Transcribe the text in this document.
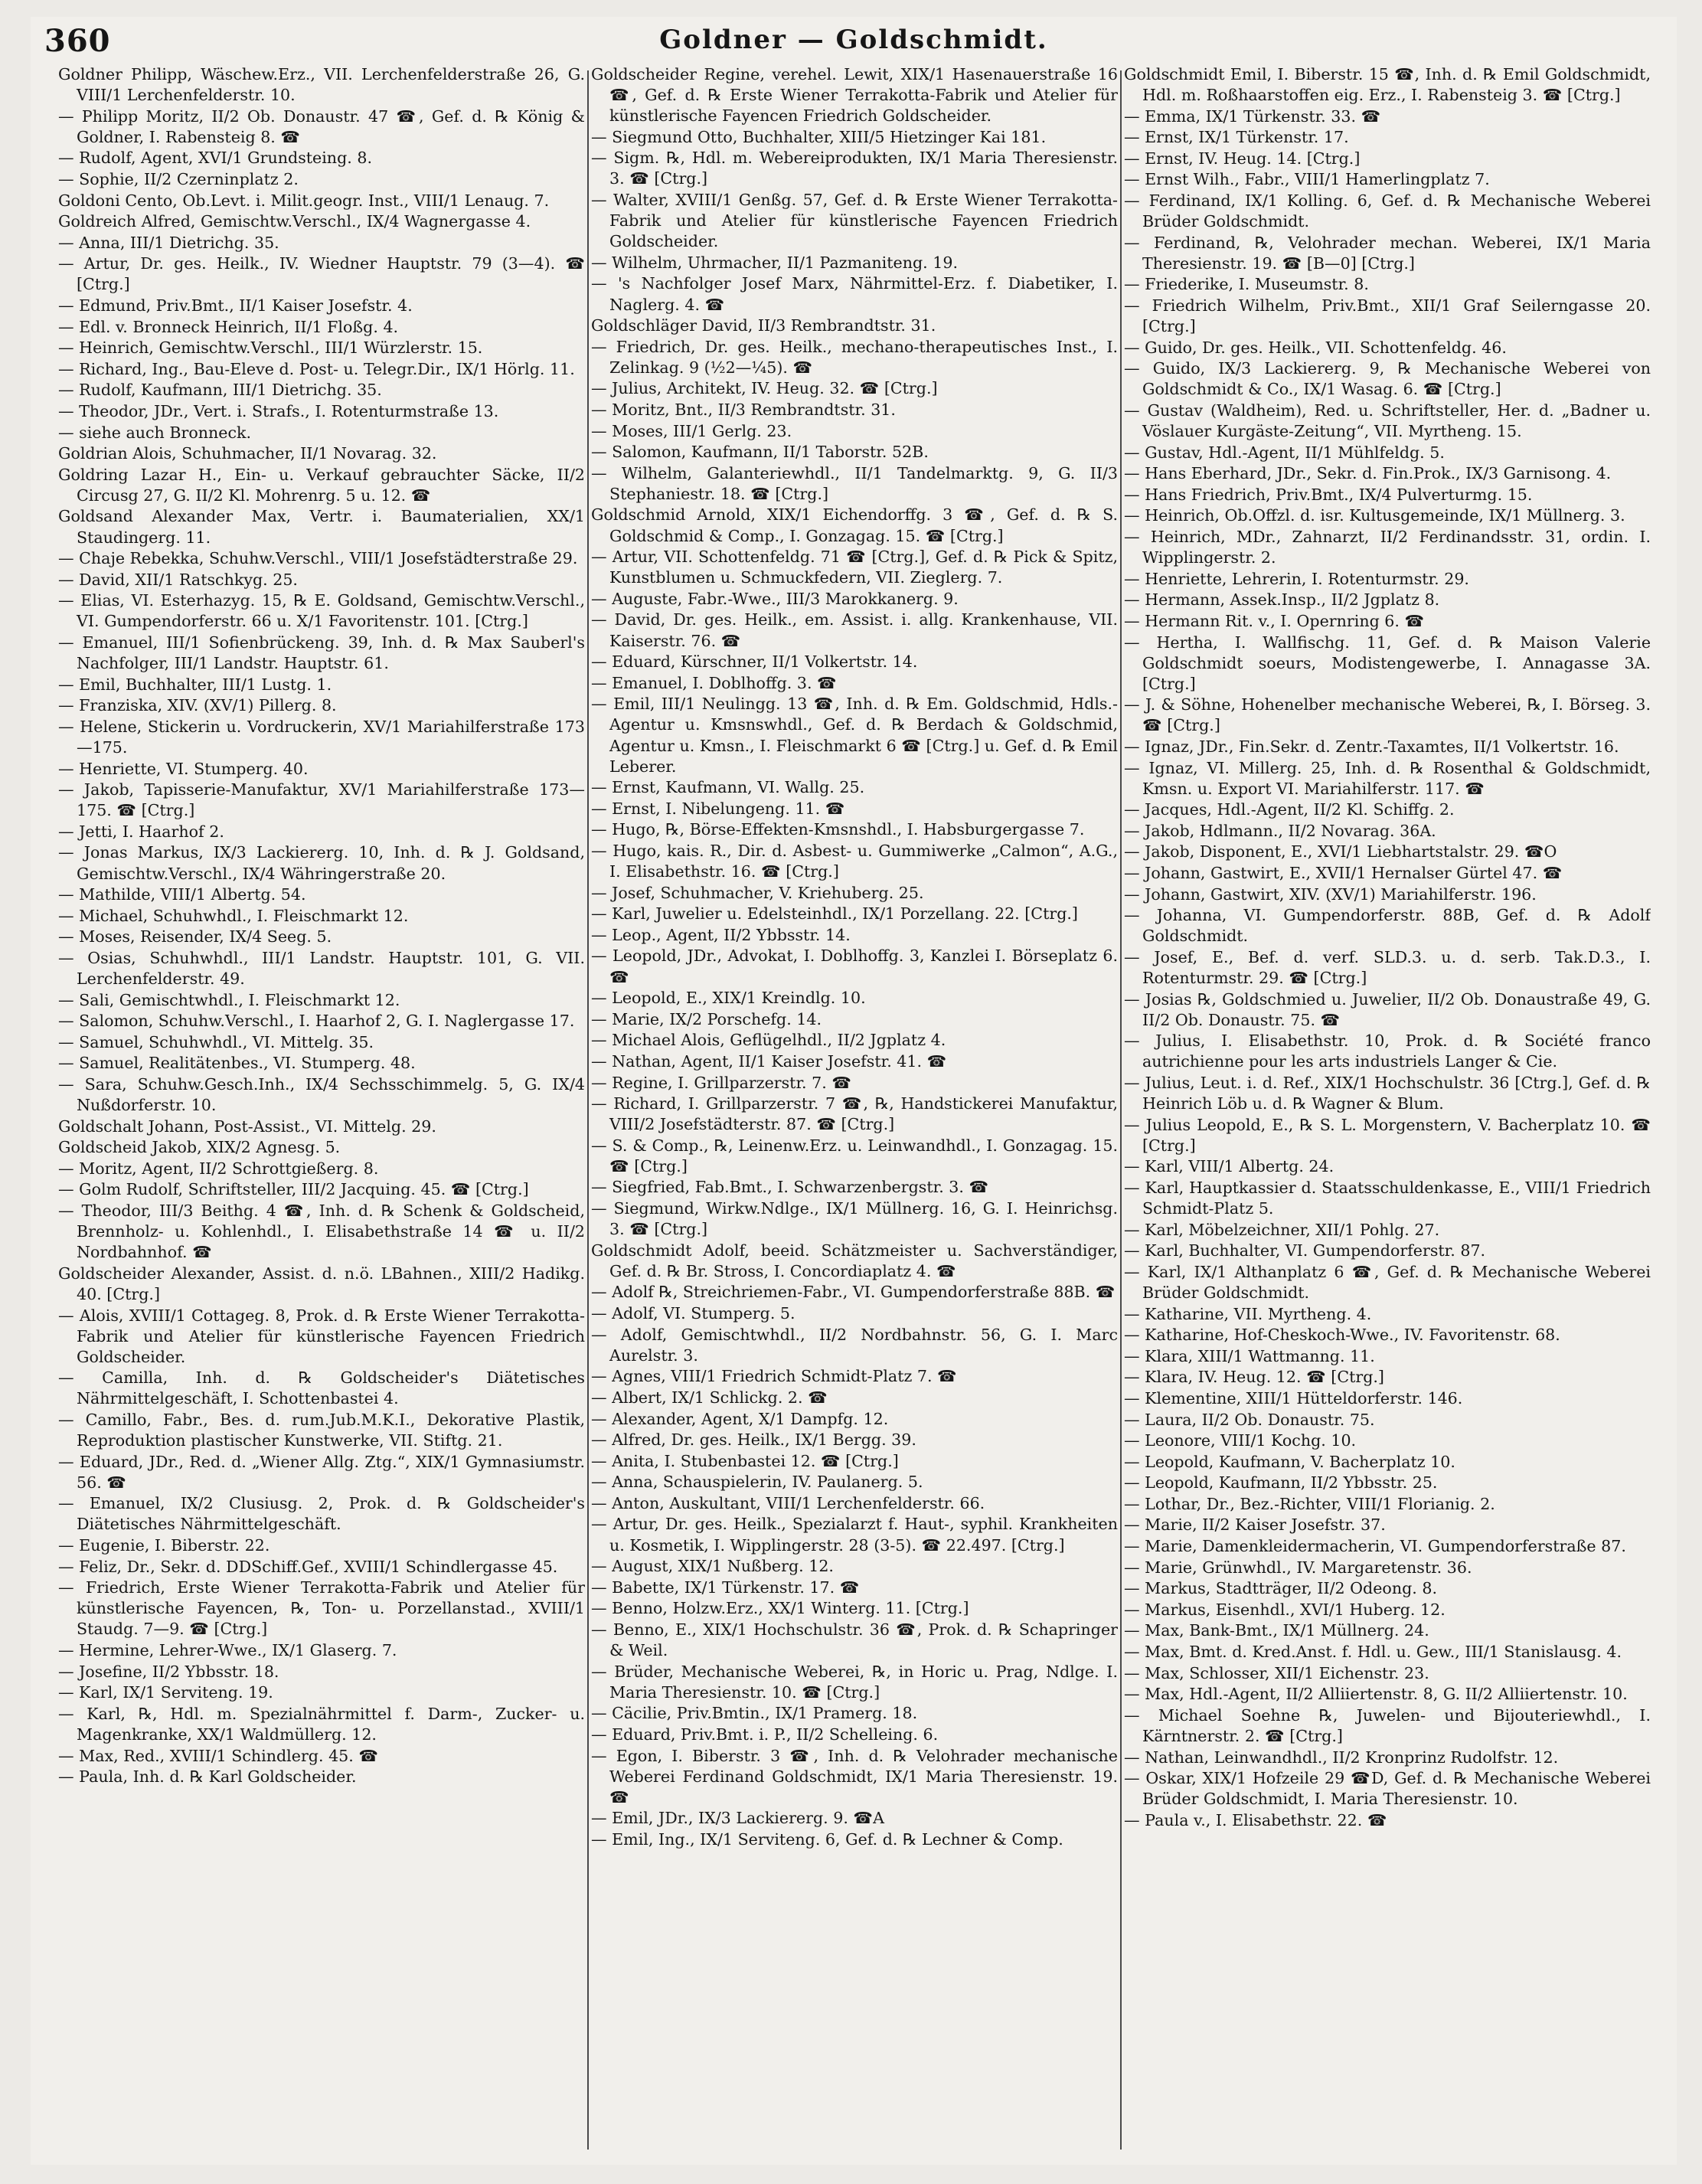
360	Goldner — Goldschmidt.

Goldner Philipp, Wäschew.Erz., VII. Lerchenfelderstraße 26, G. VIII/1 Lerchenfelderstr. 10.

— Philipp Moritz, II/2 Ob. Donaustr. 47 ☎, Gef. d. ℞ König & Goldner, I. Rabensteig 8. ☎

— Rudolf, Agent, XVI/1 Grundsteing. 8.

— Sophie, II/2 Czerninplatz 2.

Goldoni Cento, Ob.Levt. i. Milit.geogr. Inst., VIII/1 Lenaug. 7.

Goldreich Alfred, Gemischtw.Verschl., IX/4 Wagnergasse 4.

— Anna, III/1 Dietrichg. 35.

— Artur, Dr. ges. Heilk., IV. Wiedner Hauptstr. 79 (3—4). ☎ [Ctrg.]

— Edmund, Priv.Bmt., II/1 Kaiser Josefstr. 4.

— Edl. v. Bronneck Heinrich, II/1 Floßg. 4.

— Heinrich, Gemischtw.Verschl., III/1 Würzlerstr. 15.

— Richard, Ing., Bau-Eleve d. Post- u. Telegr.Dir., IX/1 Hörlg. 11.

— Rudolf, Kaufmann, III/1 Dietrichg. 35.

— Theodor, JDr., Vert. i. Strafs., I. Rotenturmstraße 13.

— siehe auch Bronneck.

Goldrian Alois, Schuhmacher, II/1 Novarag. 32.

Goldring Lazar H., Ein- u. Verkauf gebrauchter Säcke, II/2 Circusg 27, G. II/2 Kl. Mohrenrg. 5 u. 12. ☎

Goldsand Alexander Max, Vertr. i. Baumaterialien, XX/1 Staudingerg. 11.

— Chaje Rebekka, Schuhw.Verschl., VIII/1 Josefstädterstraße 29.

— David, XII/1 Ratschkyg. 25.

— Elias, VI. Esterhazyg. 15, ℞ E. Goldsand, Gemischtw.Verschl., VI. Gumpendorferstr. 66 u. X/1 Favoritenstr. 101. [Ctrg.]

— Emanuel, III/1 Sofienbrückeng. 39, Inh. d. ℞ Max Sauberl's Nachfolger, III/1 Landstr. Hauptstr. 61.

— Emil, Buchhalter, III/1 Lustg. 1.

— Franziska, XIV. (XV/1) Pillerg. 8.

— Helene, Stickerin u. Vordruckerin, XV/1 Mariahilferstraße 173—175.

— Henriette, VI. Stumperg. 40.

— Jakob, Tapisserie-Manufaktur, XV/1 Mariahilferstraße 173—175. ☎ [Ctrg.]

— Jetti, I. Haarhof 2.

— Jonas Markus, IX/3 Lackiererg. 10, Inh. d. ℞ J. Goldsand, Gemischtw.Verschl., IX/4 Währingerstraße 20.

— Mathilde, VIII/1 Albertg. 54.

— Michael, Schuhwhdl., I. Fleischmarkt 12.

— Moses, Reisender, IX/4 Seeg. 5.

— Osias, Schuhwhdl., III/1 Landstr. Hauptstr. 101, G. VII. Lerchenfelderstr. 49.

— Sali, Gemischtwhdl., I. Fleischmarkt 12.

— Salomon, Schuhw.Verschl., I. Haarhof 2, G. I. Naglergasse 17.

— Samuel, Schuhwhdl., VI. Mittelg. 35.

— Samuel, Realitätenbes., VI. Stumperg. 48.

— Sara, Schuhw.Gesch.Inh., IX/4 Sechsschimmelg. 5, G. IX/4 Nußdorferstr. 10.

Goldschalt Johann, Post-Assist., VI. Mittelg. 29.

Goldscheid Jakob, XIX/2 Agnesg. 5.

— Moritz, Agent, II/2 Schrottgießerg. 8.

— Golm Rudolf, Schriftsteller, III/2 Jacquing. 45. ☎ [Ctrg.]

— Theodor, III/3 Beithg. 4 ☎, Inh. d. ℞ Schenk & Goldscheid, Brennholz- u. Kohlenhdl., I. Elisabethstraße 14 ☎ u. II/2 Nordbahnhof. ☎

Goldscheider Alexander, Assist. d. n.ö. LBahnen., XIII/2 Hadikg. 40. [Ctrg.]

— Alois, XVIII/1 Cottageg. 8, Prok. d. ℞ Erste Wiener Terrakotta-Fabrik und Atelier für künstlerische Fayencen Friedrich Goldscheider.

— Camilla, Inh. d. ℞ Goldscheider's Diätetisches Nährmittelgeschäft, I. Schottenbastei 4.

— Camillo, Fabr., Bes. d. rum.Jub.M.K.I., Dekorative Plastik, Reproduktion plastischer Kunstwerke, VII. Stiftg. 21.

— Eduard, JDr., Red. d. „Wiener Allg. Ztg.“, XIX/1 Gymnasiumstr. 56. ☎

— Emanuel, IX/2 Clusiusg. 2, Prok. d. ℞ Goldscheider's Diätetisches Nährmittelgeschäft.

— Eugenie, I. Biberstr. 22.

— Feliz, Dr., Sekr. d. DDSchiff.Gef., XVIII/1 Schindlergasse 45.

— Friedrich, Erste Wiener Terrakotta-Fabrik und Atelier für künstlerische Fayencen, ℞, Ton- u. Porzellanstad., XVIII/1 Staudg. 7—9. ☎ [Ctrg.]

— Hermine, Lehrer-Wwe., IX/1 Glaserg. 7.

— Josefine, II/2 Ybbsstr. 18.

— Karl, IX/1 Serviteng. 19.

— Karl, ℞, Hdl. m. Spezialnährmittel f. Darm-, Zucker- u. Magenkranke, XX/1 Waldmüllerg. 12.

— Max, Red., XVIII/1 Schindlerg. 45. ☎

— Paula, Inh. d. ℞ Karl Goldscheider.

Goldscheider Regine, verehel. Lewit, XIX/1 Hasenauerstraße 16 ☎, Gef. d. ℞ Erste Wiener Terrakotta-Fabrik und Atelier für künstlerische Fayencen Friedrich Goldscheider.

— Siegmund Otto, Buchhalter, XIII/5 Hietzinger Kai 181.

— Sigm. ℞, Hdl. m. Webereiprodukten, IX/1 Maria Theresienstr. 3. ☎ [Ctrg.]

— Walter, XVIII/1 Genßg. 57, Gef. d. ℞ Erste Wiener Terrakotta-Fabrik und Atelier für künstlerische Fayencen Friedrich Goldscheider.

— Wilhelm, Uhrmacher, II/1 Pazmaniteng. 19.

— 's Nachfolger Josef Marx, Nährmittel-Erz. f. Diabetiker, I. Naglerg. 4. ☎

Goldschläger David, II/3 Rembrandtstr. 31.

— Friedrich, Dr. ges. Heilk., mechano-therapeutisches Inst., I. Zelinkag. 9 (½2—¼5). ☎

— Julius, Architekt, IV. Heug. 32. ☎ [Ctrg.]

— Moritz, Bnt., II/3 Rembrandtstr. 31.

— Moses, III/1 Gerlg. 23.

— Salomon, Kaufmann, II/1 Taborstr. 52B.

— Wilhelm, Galanteriewhdl., II/1 Tandelmarktg. 9, G. II/3 Stephaniestr. 18. ☎ [Ctrg.]

Goldschmid Arnold, XIX/1 Eichendorffg. 3 ☎, Gef. d. ℞ S. Goldschmid & Comp., I. Gonzagag. 15. ☎ [Ctrg.]

— Artur, VII. Schottenfeldg. 71 ☎ [Ctrg.], Gef. d. ℞ Pick & Spitz, Kunstblumen u. Schmuckfedern, VII. Zieglerg. 7.

— Auguste, Fabr.-Wwe., III/3 Marokkanerg. 9.

— David, Dr. ges. Heilk., em. Assist. i. allg. Krankenhause, VII. Kaiserstr. 76. ☎

— Eduard, Kürschner, II/1 Volkertstr. 14.

— Emanuel, I. Doblhoffg. 3. ☎

— Emil, III/1 Neulingg. 13 ☎, Inh. d. ℞ Em. Goldschmid, Hdls.-Agentur u. Kmsnswhdl., Gef. d. ℞ Berdach & Goldschmid, Agentur u. Kmsn., I. Fleischmarkt 6 ☎ [Ctrg.] u. Gef. d. ℞ Emil Leberer.

— Ernst, Kaufmann, VI. Wallg. 25.

— Ernst, I. Nibelungeng. 11. ☎

— Hugo, ℞, Börse-Effekten-Kmsnshdl., I. Habsburgergasse 7.

— Hugo, kais. R., Dir. d. Asbest- u. Gummiwerke „Calmon“, A.G., I. Elisabethstr. 16. ☎ [Ctrg.]

— Josef, Schuhmacher, V. Kriehuberg. 25.

— Karl, Juwelier u. Edelsteinhdl., IX/1 Porzellang. 22. [Ctrg.]

— Leop., Agent, II/2 Ybbsstr. 14.

— Leopold, JDr., Advokat, I. Doblhoffg. 3, Kanzlei I. Börseplatz 6. ☎

— Leopold, E., XIX/1 Kreindlg. 10.

— Marie, IX/2 Porschefg. 14.

— Michael Alois, Geflügelhdl., II/2 Jgplatz 4.

— Nathan, Agent, II/1 Kaiser Josefstr. 41. ☎

— Regine, I. Grillparzerstr. 7. ☎

— Richard, I. Grillparzerstr. 7 ☎, ℞, Handstickerei Manufaktur, VIII/2 Josefstädterstr. 87. ☎ [Ctrg.]

— S. & Comp., ℞, Leinenw.Erz. u. Leinwandhdl., I. Gonzagag. 15. ☎ [Ctrg.]

— Siegfried, Fab.Bmt., I. Schwarzenbergstr. 3. ☎

— Siegmund, Wirkw.Ndlge., IX/1 Müllnerg. 16, G. I. Heinrichsg. 3. ☎ [Ctrg.]

Goldschmidt Adolf, beeid. Schätzmeister u. Sachverständiger, Gef. d. ℞ Br. Stross, I. Concordiaplatz 4. ☎

— Adolf ℞, Streichriemen-Fabr., VI. Gumpendorferstraße 88B. ☎

— Adolf, VI. Stumperg. 5.

— Adolf, Gemischtwhdl., II/2 Nordbahnstr. 56, G. I. Marc Aurelstr. 3.

— Agnes, VIII/1 Friedrich Schmidt-Platz 7. ☎

— Albert, IX/1 Schlickg. 2. ☎

— Alexander, Agent, X/1 Dampfg. 12.

— Alfred, Dr. ges. Heilk., IX/1 Bergg. 39.

— Anita, I. Stubenbastei 12. ☎ [Ctrg.]

— Anna, Schauspielerin, IV. Paulanerg. 5.

— Anton, Auskultant, VIII/1 Lerchenfelderstr. 66.

— Artur, Dr. ges. Heilk., Spezialarzt f. Haut-, syphil. Krankheiten u. Kosmetik, I. Wipplingerstr. 28 (3-5). ☎ 22.497. [Ctrg.]

— August, XIX/1 Nußberg. 12.

— Babette, IX/1 Türkenstr. 17. ☎

— Benno, Holzw.Erz., XX/1 Winterg. 11. [Ctrg.]

— Benno, E., XIX/1 Hochschulstr. 36 ☎, Prok. d. ℞ Schapringer & Weil.

— Brüder, Mechanische Weberei, ℞, in Horic u. Prag, Ndlge. I. Maria Theresienstr. 10. ☎ [Ctrg.]

— Cäcilie, Priv.Bmtin., IX/1 Pramerg. 18.

— Eduard, Priv.Bmt. i. P., II/2 Schelleing. 6.

— Egon, I. Biberstr. 3 ☎, Inh. d. ℞ Velohrader mechanische Weberei Ferdinand Goldschmidt, IX/1 Maria Theresienstr. 19. ☎

— Emil, JDr., IX/3 Lackiererg. 9. ☎A

— Emil, Ing., IX/1 Serviteng. 6, Gef. d. ℞ Lechner & Comp.

Goldschmidt Emil, I. Biberstr. 15 ☎, Inh. d. ℞ Emil Goldschmidt, Hdl. m. Roßhaarstoffen eig. Erz., I. Rabensteig 3. ☎ [Ctrg.]

— Emma, IX/1 Türkenstr. 33. ☎

— Ernst, IX/1 Türkenstr. 17.

— Ernst, IV. Heug. 14. [Ctrg.]

— Ernst Wilh., Fabr., VIII/1 Hamerlingplatz 7.

— Ferdinand, IX/1 Kolling. 6, Gef. d. ℞ Mechanische Weberei Brüder Goldschmidt.

— Ferdinand, ℞, Velohrader mechan. Weberei, IX/1 Maria Theresienstr. 19. ☎ [B—0] [Ctrg.]

— Friederike, I. Museumstr. 8.

— Friedrich Wilhelm, Priv.Bmt., XII/1 Graf Seilerngasse 20. [Ctrg.]

— Guido, Dr. ges. Heilk., VII. Schottenfeldg. 46.

— Guido, IX/3 Lackiererg. 9, ℞ Mechanische Weberei von Goldschmidt & Co., IX/1 Wasag. 6. ☎ [Ctrg.]

— Gustav (Waldheim), Red. u. Schriftsteller, Her. d. „Badner u. Vöslauer Kurgäste-Zeitung“, VII. Myrtheng. 15.

— Gustav, Hdl.-Agent, II/1 Mühlfeldg. 5.

— Hans Eberhard, JDr., Sekr. d. Fin.Prok., IX/3 Garnisong. 4.

— Hans Friedrich, Priv.Bmt., IX/4 Pulverturmg. 15.

— Heinrich, Ob.Offzl. d. isr. Kultusgemeinde, IX/1 Müllnerg. 3.

— Heinrich, MDr., Zahnarzt, II/2 Ferdinandsstr. 31, ordin. I. Wipplingerstr. 2.

— Henriette, Lehrerin, I. Rotenturmstr. 29.

— Hermann, Assek.Insp., II/2 Jgplatz 8.

— Hermann Rit. v., I. Opernring 6. ☎

— Hertha, I. Wallfischg. 11, Gef. d. ℞ Maison Valerie Goldschmidt soeurs, Modistengewerbe, I. Annagasse 3A. [Ctrg.]

— J. & Söhne, Hohenelber mechanische Weberei, ℞, I. Börseg. 3. ☎ [Ctrg.]

— Ignaz, JDr., Fin.Sekr. d. Zentr.-Taxamtes, II/1 Volkertstr. 16.

— Ignaz, VI. Millerg. 25, Inh. d. ℞ Rosenthal & Goldschmidt, Kmsn. u. Export VI. Mariahilferstr. 117. ☎

— Jacques, Hdl.-Agent, II/2 Kl. Schiffg. 2.

— Jakob, Hdlmann., II/2 Novarag. 36A.

— Jakob, Disponent, E., XVI/1 Liebhartstalstr. 29. ☎O

— Johann, Gastwirt, E., XVII/1 Hernalser Gürtel 47. ☎

— Johann, Gastwirt, XIV. (XV/1) Mariahilferstr. 196.

— Johanna, VI. Gumpendorferstr. 88B, Gef. d. ℞ Adolf Goldschmidt.

— Josef, E., Bef. d. verf. SLD.3. u. d. serb. Tak.D.3., I. Rotenturmstr. 29. ☎ [Ctrg.]

— Josias ℞, Goldschmied u. Juwelier, II/2 Ob. Donaustraße 49, G. II/2 Ob. Donaustr. 75. ☎

— Julius, I. Elisabethstr. 10, Prok. d. ℞ Société franco autrichienne pour les arts industriels Langer & Cie.

— Julius, Leut. i. d. Ref., XIX/1 Hochschulstr. 36 [Ctrg.], Gef. d. ℞ Heinrich Löb u. d. ℞ Wagner & Blum.

— Julius Leopold, E., ℞ S. L. Morgenstern, V. Bacherplatz 10. ☎ [Ctrg.]

— Karl, VIII/1 Albertg. 24.

— Karl, Hauptkassier d. Staatsschuldenkasse, E., VIII/1 Friedrich Schmidt-Platz 5.

— Karl, Möbelzeichner, XII/1 Pohlg. 27.

— Karl, Buchhalter, VI. Gumpendorferstr. 87.

— Karl, IX/1 Althanplatz 6 ☎, Gef. d. ℞ Mechanische Weberei Brüder Goldschmidt.

— Katharine, VII. Myrtheng. 4.

— Katharine, Hof-Cheskoch-Wwe., IV. Favoritenstr. 68.

— Klara, XIII/1 Wattmanng. 11.

— Klara, IV. Heug. 12. ☎ [Ctrg.]

— Klementine, XIII/1 Hütteldorferstr. 146.

— Laura, II/2 Ob. Donaustr. 75.

— Leonore, VIII/1 Kochg. 10.

— Leopold, Kaufmann, V. Bacherplatz 10.

— Leopold, Kaufmann, II/2 Ybbsstr. 25.

— Lothar, Dr., Bez.-Richter, VIII/1 Florianig. 2.

— Marie, II/2 Kaiser Josefstr. 37.

— Marie, Damenkleidermacherin, VI. Gumpendorferstraße 87.

— Marie, Grünwhdl., IV. Margaretenstr. 36.

— Markus, Stadtträger, II/2 Odeong. 8.

— Markus, Eisenhdl., XVI/1 Huberg. 12.

— Max, Bank-Bmt., IX/1 Müllnerg. 24.

— Max, Bmt. d. Kred.Anst. f. Hdl. u. Gew., III/1 Stanislausg. 4.

— Max, Schlosser, XII/1 Eichenstr. 23.

— Max, Hdl.-Agent, II/2 Alliiertenstr. 8, G. II/2 Alliiertenstr. 10.

— Michael Soehne ℞, Juwelen- und Bijouteriewhdl., I. Kärntnerstr. 2. ☎ [Ctrg.]

— Nathan, Leinwandhdl., II/2 Kronprinz Rudolfstr. 12.

— Oskar, XIX/1 Hofzeile 29 ☎D, Gef. d. ℞ Mechanische Weberei Brüder Goldschmidt, I. Maria Theresienstr. 10.

— Paula v., I. Elisabethstr. 22. ☎
